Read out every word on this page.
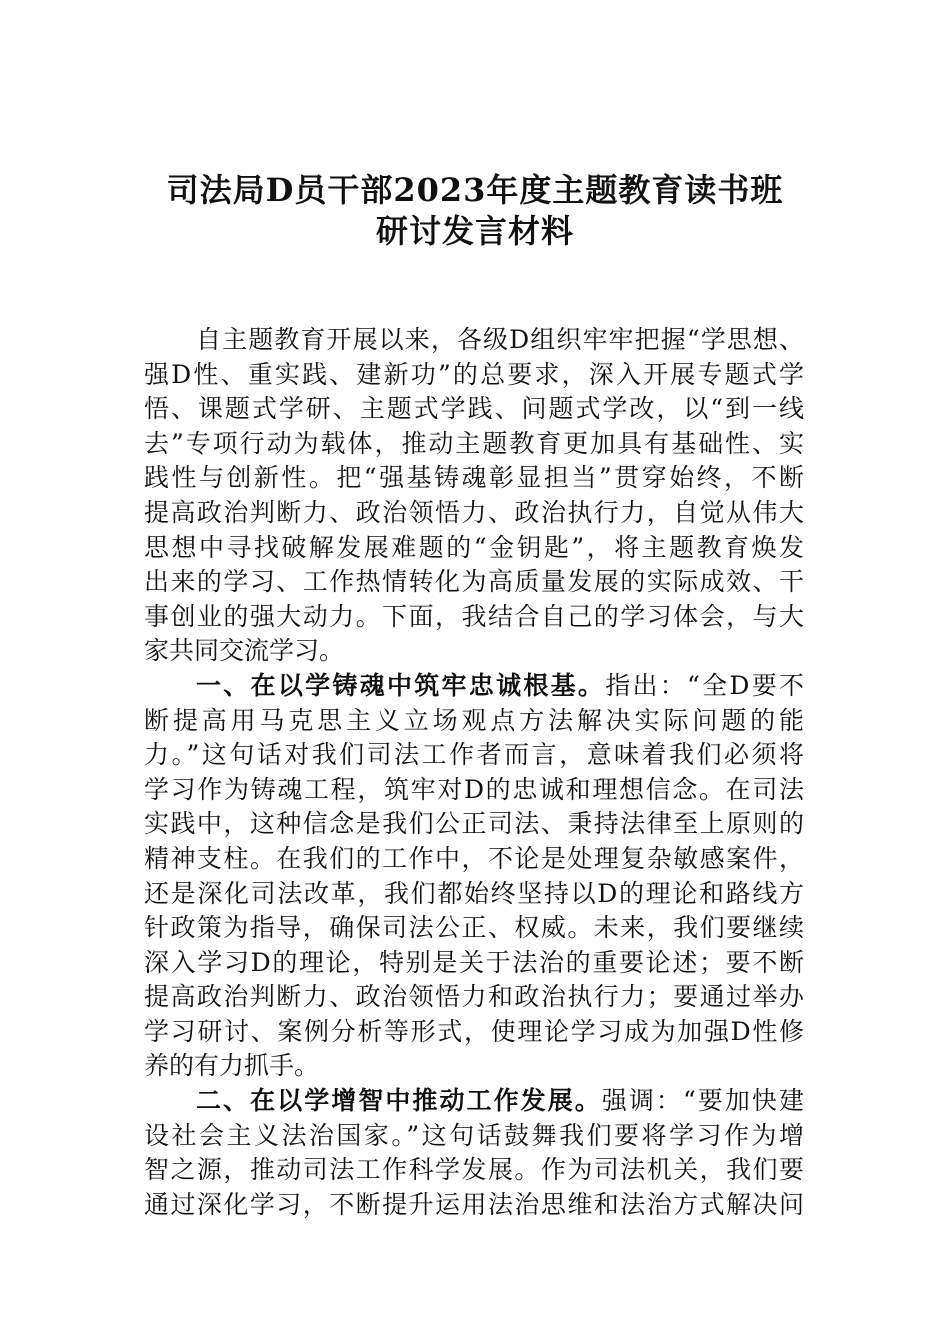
司法局D员干部2023年度主题教育读书班
研讨发言材料
自主题教育开展以来，各级D组织牢牢把握“学思想、
强D性、重实践、建新功”的总要求，深入开展专题式学
悟、课题式学研、主题式学践、问题式学改，以“到一线
去”专项行动为载体，推动主题教育更加具有基础性、实
践性与创新性。把“强基铸魂彰显担当”贯穿始终，不断
提高政治判断力、政治领悟力、政治执行力，自觉从伟大
思想中寻找破解发展难题的“金钥匙”，将主题教育焕发
出来的学习、工作热情转化为高质量发展的实际成效、干
事创业的强大动力。下面，我结合自己的学习体会，与大
家共同交流学习。
一、在以学铸魂中筑牢忠诚根基。指出：“全D要不
断提高用马克思主义立场观点方法解决实际问题的能
力。”这句话对我们司法工作者而言，意味着我们必须将
学习作为铸魂工程，筑牢对D的忠诚和理想信念。在司法
实践中，这种信念是我们公正司法、秉持法律至上原则的
精神支柱。在我们的工作中，不论是处理复杂敏感案件，
还是深化司法改革，我们都始终坚持以D的理论和路线方
针政策为指导，确保司法公正、权威。未来，我们要继续
深入学习D的理论，特别是关于法治的重要论述；要不断
提高政治判断力、政治领悟力和政治执行力；要通过举办
学习研讨、案例分析等形式，使理论学习成为加强D性修
养的有力抓手。
二、在以学增智中推动工作发展。强调：“要加快建
设社会主义法治国家。”这句话鼓舞我们要将学习作为增
智之源，推动司法工作科学发展。作为司法机关，我们要
通过深化学习，不断提升运用法治思维和法治方式解决问
